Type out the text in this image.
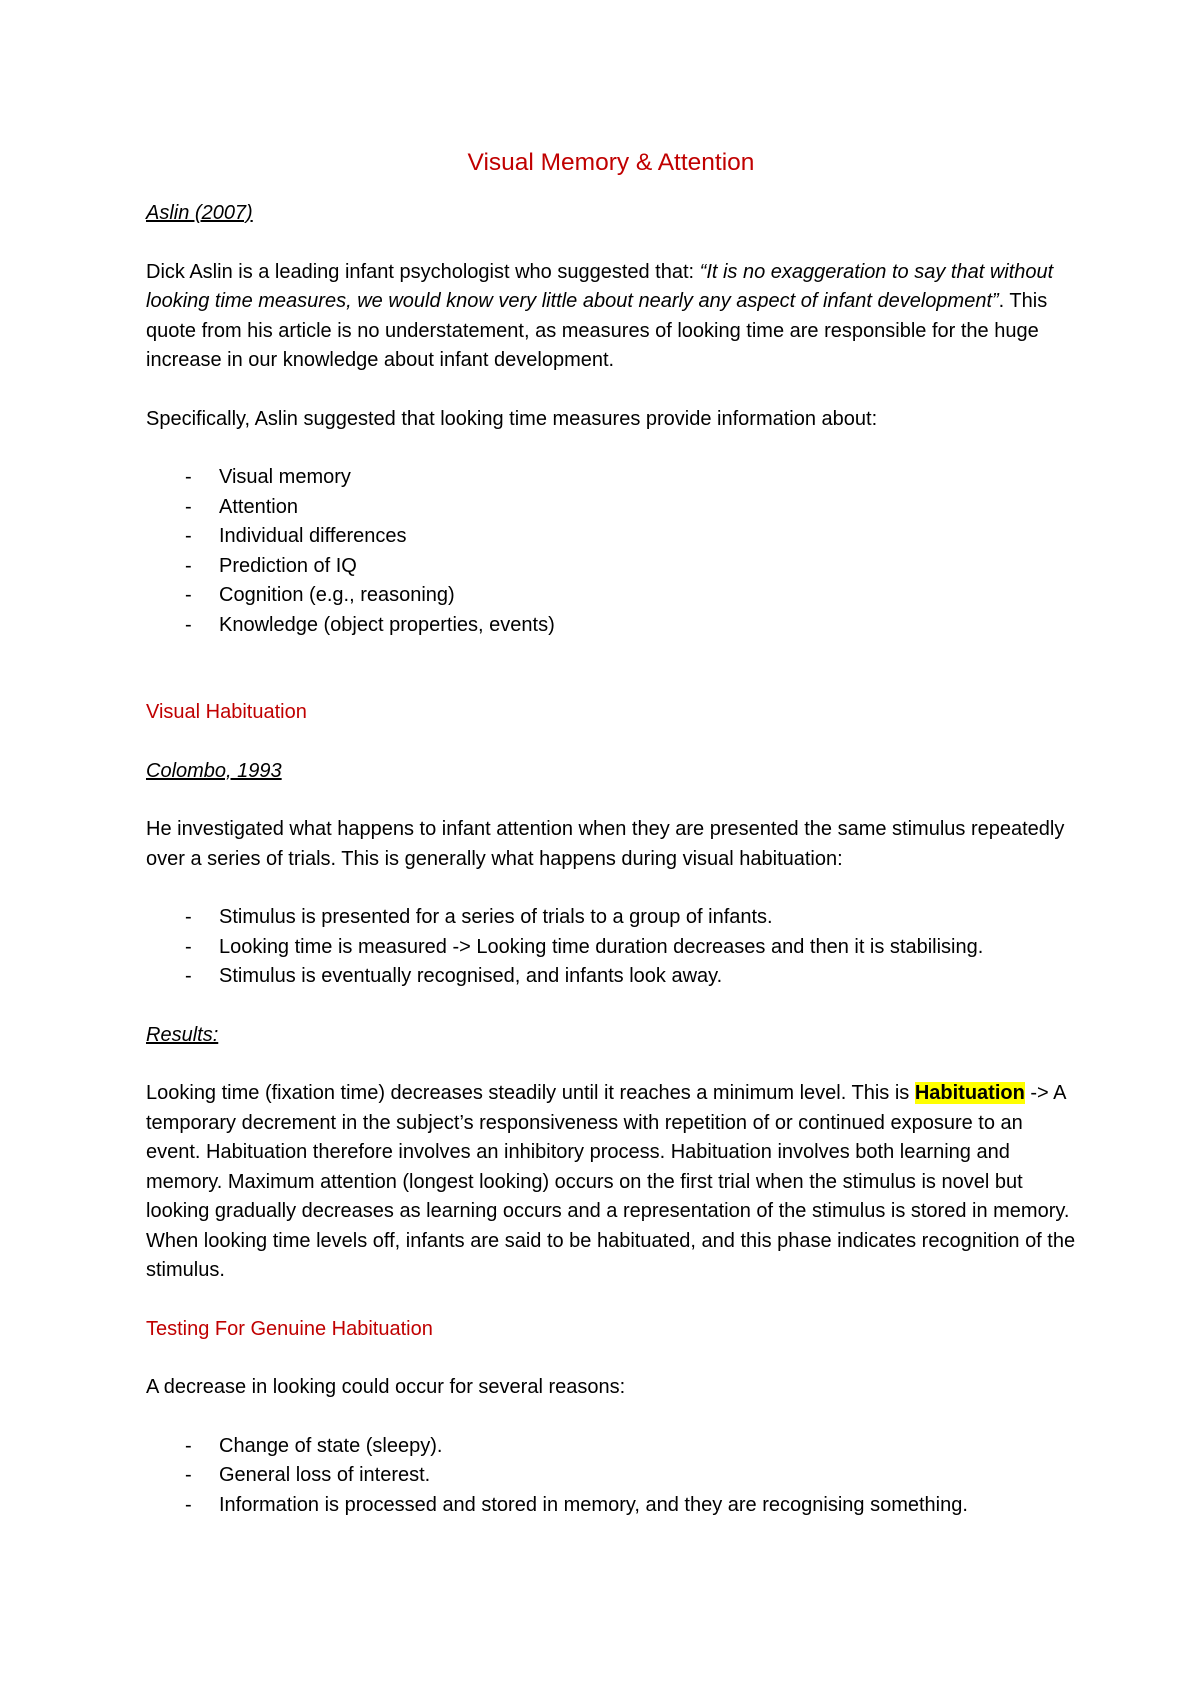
Visual Memory & Attention
Aslin (2007)

Dick Aslin is a leading infant psychologist who suggested that: “It is no exaggeration to say that without looking time measures, we would know very little about nearly any aspect of infant development”. This quote from his article is no understatement, as measures of looking time are responsible for the huge increase in our knowledge about infant development.

Specifically, Aslin suggested that looking time measures provide information about:

- Visual memory
- Attention
- Individual differences
- Prediction of IQ
- Cognition (e.g., reasoning)
- Knowledge (object properties, events)
Visual Habituation
Colombo, 1993

He investigated what happens to infant attention when they are presented the same stimulus repeatedly over a series of trials. This is generally what happens during visual habituation:

- Stimulus is presented for a series of trials to a group of infants.
- Looking time is measured -> Looking time duration decreases and then it is stabilising.
- Stimulus is eventually recognised, and infants look away.
Results:

Looking time (fixation time) decreases steadily until it reaches a minimum level. This is Habituation -> A temporary decrement in the subject’s responsiveness with repetition of or continued exposure to an event. Habituation therefore involves an inhibitory process. Habituation involves both learning and memory. Maximum attention (longest looking) occurs on the first trial when the stimulus is novel but looking gradually decreases as learning occurs and a representation of the stimulus is stored in memory. When looking time levels off, infants are said to be habituated, and this phase indicates recognition of the stimulus.

Testing For Genuine Habituation

A decrease in looking could occur for several reasons:

- Change of state (sleepy).
- General loss of interest.
- Information is processed and stored in memory, and they are recognising something.
